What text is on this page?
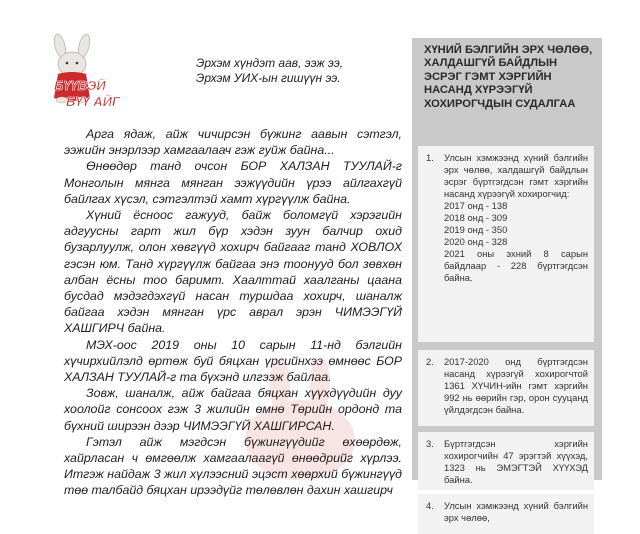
БҮҮВЭЙ
БҮҮ АЙГ
Эрхэм хүндэт аав, ээж ээ,
Эрхэм УИХ-ын гишүүн ээ.

Арга ядаж, айж чичирсэн бүжинг аавын сэтгэл, ээжийн энэрлээр хамгаалаач гэж гуйж байна...

Өнөөдөр танд очсон БОР ХАЛЗАН ТУУЛАЙ-г Монголын мянга мянган ээжүүдийн үрээ айлгахгүй байлгах хүсэл, сэтгэлтэй хамт хүргүүлж байна.

Хүний ёсноос гажууд, байж боломгүй хэрэгийн адгуусны гарт жил бүр хэдэн зуун балчир охид бузарлуулж, олон хөвгүүд хохирч байгааг танд ХОВЛОХ гэсэн юм. Танд хүргүүлж байгаа энэ тоонууд бол зөвхөн албан ёсны тоо баримт. Хаалттай хаалганы цаана бусдад мэдэгдэхгүй насан туршдаа хохирч, шаналж байгаа хэдэн мянган үрс аврал эрэн ЧИМЭЭГҮЙ ХАШГИРЧ байна.

МЭХ-оос 2019 оны 10 сарын 11-нд бэлгийн хүчирхийлэлд өртөж буй бяцхан үрсийнхээ өмнөөс БОР ХАЛЗАН ТУУЛАЙ-г та бүхэнд илгээж байлаа.

Зовж, шаналж, айж байгаа бяцхан хүүхдүүдийн дуу хоолойг сонсоох гэж 3 жилийн өмнө Төрийн ордонд та бүхний ширээн дээр ЧИМЭЭГҮЙ ХАШГИРСАН.

Гэтэл айж мэгдсэн бүжингүүдийг өхөөрдөж, хайрласан ч өмгөөлж хамгаалаагүй өнөөдрийг хүрлээ. Итгэж найдаж 3 жил хүлээсний эцэст хөөрхий бүжингүүд төө талбайд бяцхан ирээдүйг төлөвлөн дахин хашгирч

ХҮНИЙ БЭЛГИЙН ЭРХ ЧӨЛӨӨ, ХАЛДАШГҮЙ БАЙДЛЫН ЭСРЭГ ГЭМТ ХЭРГИЙН НАСАНД ХҮРЭЭГҮЙ ХОХИРОГЧДЫН СУДАЛГАА
1. Улсын хэмжээнд хүний бэлгийн эрх чөлөө, халдашгүй байдлын эсрэг бүртгэгдсэн гэмт хэргийн насанд хүрээгүй хохирогчид:
2017 онд - 138
2018 онд - 309
2019 онд - 350
2020 онд - 328
2021 оны эхний 8 сарын байдлаар - 228 бүртгэгдсэн байна.
2. 2017-2020 онд бүртгэгдсэн насанд хүрээгүй хохирогчтой 1361 ХҮЧИН-ийн гэмт хэргийн 992 нь өөрийн гэр, орон сууцанд үйлдэгдсэн байна.
3. Бүртгэгдсэн хэргийн хохирогчийн 47 эрэгтэй хүүхэд, 1323 нь ЭМЭГТЭЙ ХҮҮХЭД байна.
4. Улсын хэмжээнд хүний бэлгийн эрх чөлөө,
